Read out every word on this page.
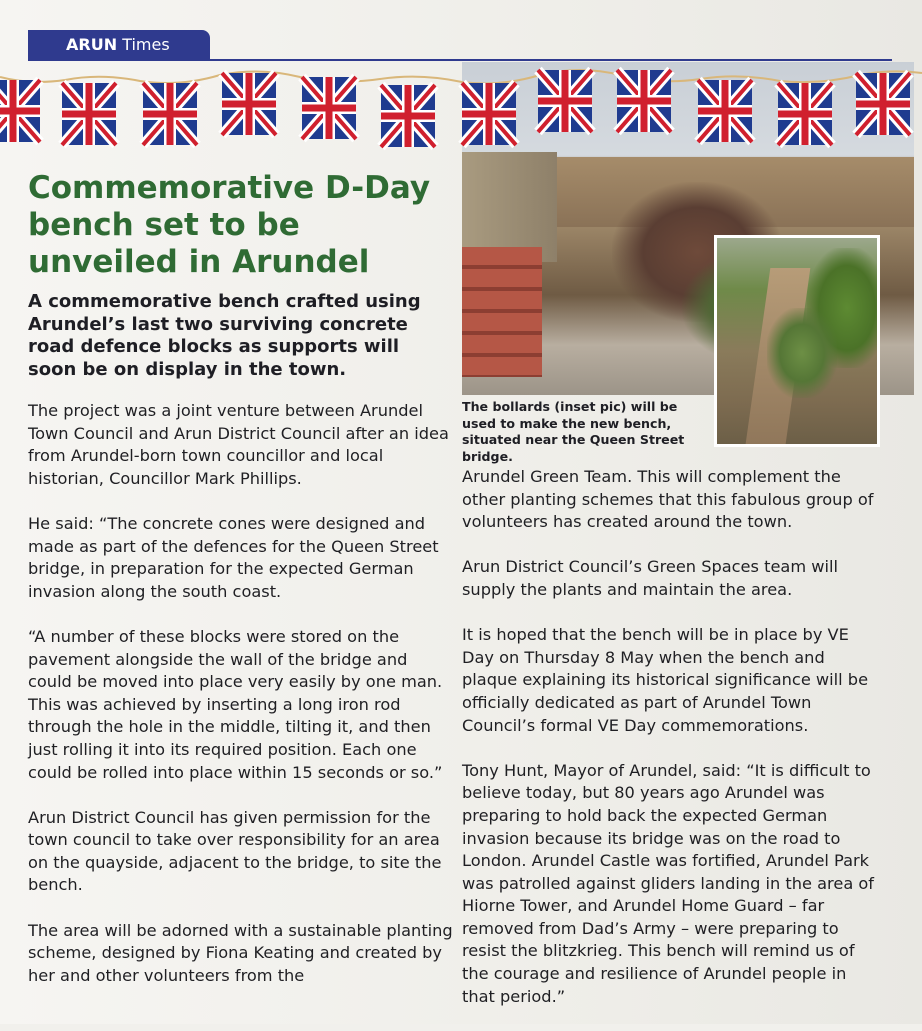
ARUN Times
Commemorative D-Day bench set to be unveiled in Arundel

A commemorative bench crafted using Arundel’s last two surviving concrete road defence blocks as supports will soon be on display in the town.

The project was a joint venture between Arundel Town Council and Arun District Council after an idea from Arundel-born town councillor and local historian, Councillor Mark Phillips.

He said: “The concrete cones were designed and made as part of the defences for the Queen Street bridge, in preparation for the expected German invasion along the south coast.

“A number of these blocks were stored on the pavement alongside the wall of the bridge and could be moved into place very easily by one man. This was achieved by inserting a long iron rod through the hole in the middle, tilting it, and then just rolling it into its required position. Each one could be rolled into place within 15 seconds or so.”

Arun District Council has given permission for the town council to take over responsibility for an area on the quayside, adjacent to the bridge, to site the bench.

The area will be adorned with a sustainable planting scheme, designed by Fiona Keating and created by her and other volunteers from the

The bollards (inset pic) will be used to make the new bench, situated near the Queen Street bridge.

Arundel Green Team. This will complement the other planting schemes that this fabulous group of volunteers has created around the town.

Arun District Council’s Green Spaces team will supply the plants and maintain the area.

It is hoped that the bench will be in place by VE Day on Thursday 8 May when the bench and plaque explaining its historical significance will be officially dedicated as part of Arundel Town Council’s formal VE Day commemorations.

Tony Hunt, Mayor of Arundel, said: “It is difficult to believe today, but 80 years ago Arundel was preparing to hold back the expected German invasion because its bridge was on the road to London. Arundel Castle was fortified, Arundel Park was patrolled against gliders landing in the area of Hiorne Tower, and Arundel Home Guard – far removed from Dad’s Army – were preparing to resist the blitzkrieg. This bench will remind us of the courage and resilience of Arundel people in that period.”
